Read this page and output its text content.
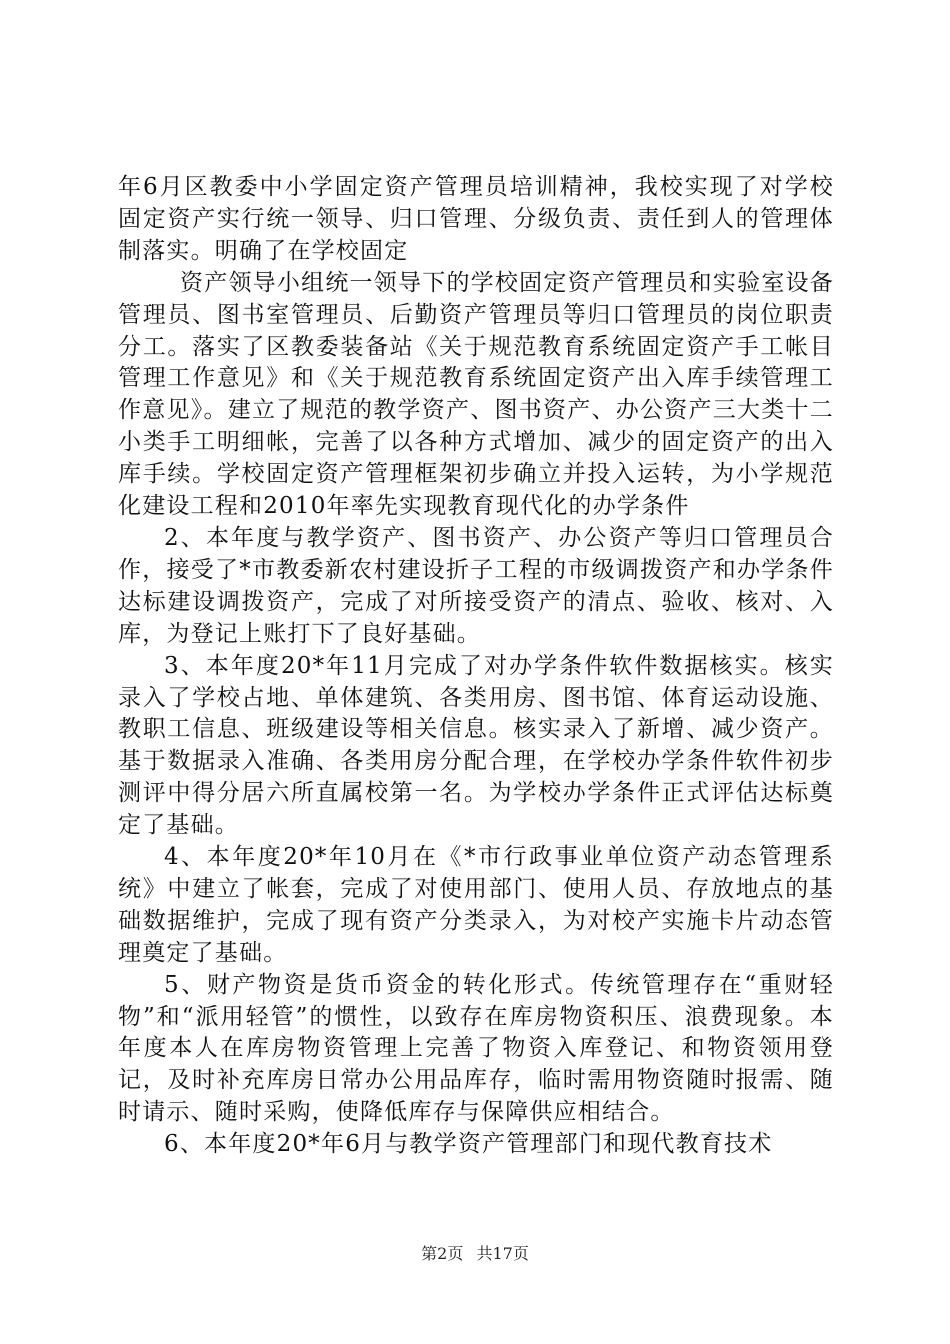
年6月区教委中小学固定资产管理员培训精神，我校实现了对学校固定资产实行统一领导、归口管理、分级负责、责任到人的管理体制落实。明确了在学校固定

资产领导小组统一领导下的学校固定资产管理员和实验室设备管理员、图书室管理员、后勤资产管理员等归口管理员的岗位职责分工。落实了区教委装备站《关于规范教育系统固定资产手工帐目管理工作意见》和《关于规范教育系统固定资产出入库手续管理工作意见》。建立了规范的教学资产、图书资产、办公资产三大类十二小类手工明细帐，完善了以各种方式增加、减少的固定资产的出入库手续。学校固定资产管理框架初步确立并投入运转，为小学规范化建设工程和2010年率先实现教育现代化的办学条件

2、本年度与教学资产、图书资产、办公资产等归口管理员合作，接受了*市教委新农村建设折子工程的市级调拨资产和办学条件达标建设调拨资产，完成了对所接受资产的清点、验收、核对、入库，为登记上账打下了良好基础。

3、本年度20*年11月完成了对办学条件软件数据核实。核实录入了学校占地、单体建筑、各类用房、图书馆、体育运动设施、教职工信息、班级建设等相关信息。核实录入了新增、减少资产。基于数据录入准确、各类用房分配合理，在学校办学条件软件初步测评中得分居六所直属校第一名。为学校办学条件正式评估达标奠定了基础。

4、本年度20*年10月在《*市行政事业单位资产动态管理系统》中建立了帐套，完成了对使用部门、使用人员、存放地点的基础数据维护，完成了现有资产分类录入，为对校产实施卡片动态管理奠定了基础。

5、财产物资是货币资金的转化形式。传统管理存在“重财轻物”和“派用轻管”的惯性，以致存在库房物资积压、浪费现象。本年度本人在库房物资管理上完善了物资入库登记、和物资领用登记，及时补充库房日常办公用品库存，临时需用物资随时报需、随时请示、随时采购，使降低库存与保障供应相结合。

6、本年度20*年6月与教学资产管理部门和现代教育技术

第2页 共17页
